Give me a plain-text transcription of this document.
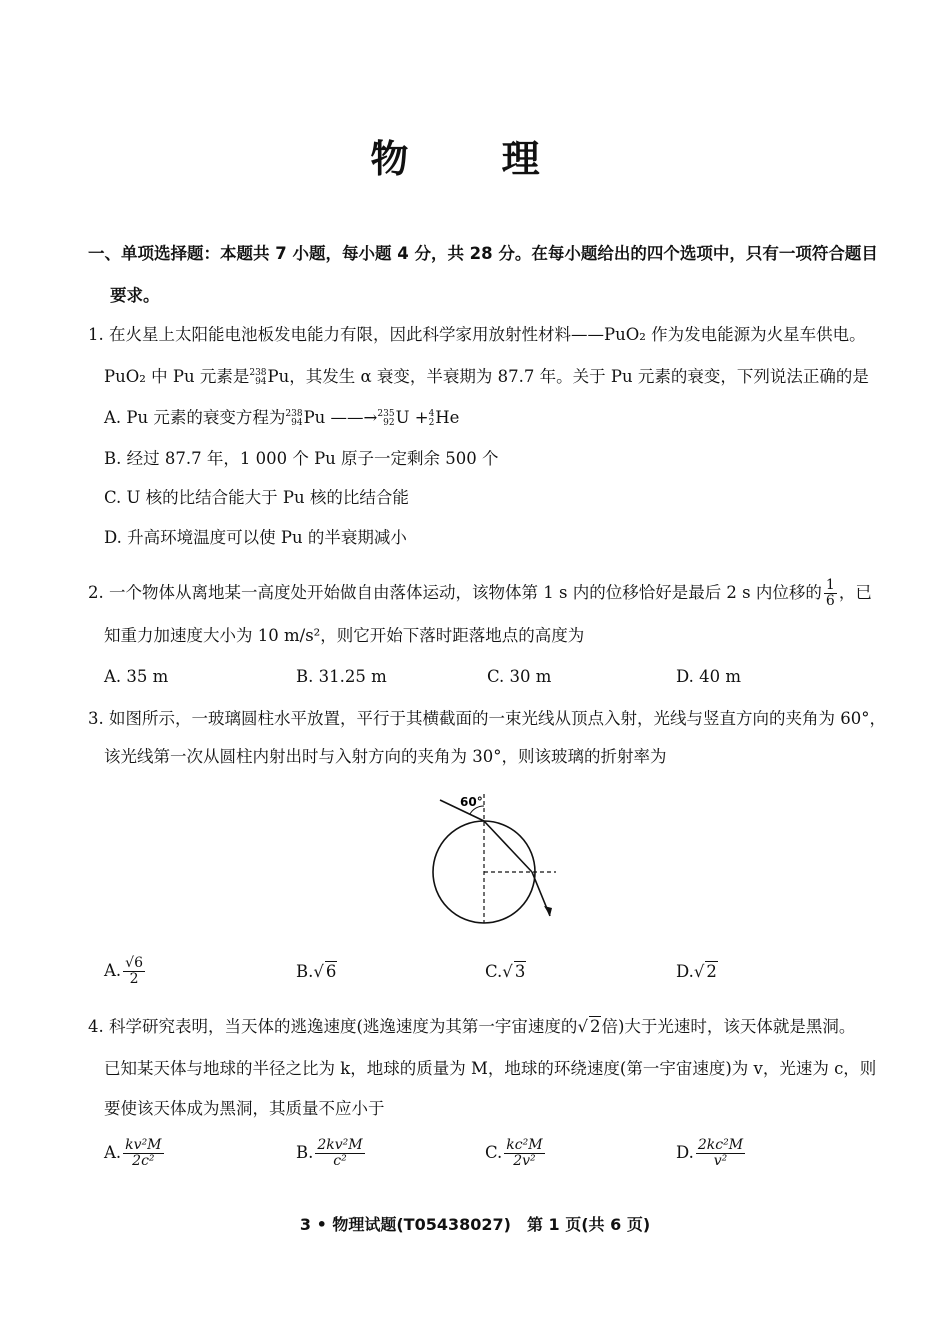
物 理
一、单项选择题：本题共 7 小题，每小题 4 分，共 28 分。在每小题给出的四个选项中，只有一项符合题目
要求。
1. 在火星上太阳能电池板发电能力有限，因此科学家用放射性材料——PuO₂ 作为发电能源为火星车供电。
PuO₂ 中 Pu 元素是 238
94 Pu，其发生 α 衰变，半衰期为 87.7 年。关于 Pu 元素的衰变，下列说法正确的是
A. Pu 元素的衰变方程为 238
94 Pu ——→ 235
92 U + 4
2 He
B. 经过 87.7 年，1 000 个 Pu 原子一定剩余 500 个
C. U 核的比结合能大于 Pu 核的比结合能
D. 升高环境温度可以使 Pu 的半衰期减小
2. 一个物体从离地某一高度处开始做自由落体运动，该物体第 1 s 内的位移恰好是最后 2 s 内位移的 $\frac{1}{6}$ ，已
知重力加速度大小为 10 m/s²，则它开始下落时距落地点的高度为
A. 35 m	B. 31.25 m	C. 30 m	D. 40 m
3. 如图所示，一玻璃圆柱水平放置，平行于其横截面的一束光线从顶点入射，光线与竖直方向的夹角为 60°，
该光线第一次从圆柱内射出时与入射方向的夹角为 30°，则该玻璃的折射率为
60°
A. $\frac{√6}{2}$	B.√ 6	C.√ 3	D.√ 2
4. 科学研究表明，当天体的逃逸速度(逃逸速度为其第一宇宙速度的√ 2倍)大于光速时，该天体就是黑洞。
已知某天体与地球的半径之比为 k，地球的质量为 M，地球的环绕速度(第一宇宙速度)为 v，光速为 c，则
要使该天体成为黑洞，其质量不应小于
A. $\frac{\text{kv²M}}{\text{2c²}}$	B. $\frac{\text{2kv²M}}{\text{c²}}$	C. $\frac{\text{kc²M}}{\text{2v²}}$	D. $\frac{\text{2kc²M}}{\text{v²}}$
3 • 物理试题(T05438027)　第 1 页(共 6 页)
